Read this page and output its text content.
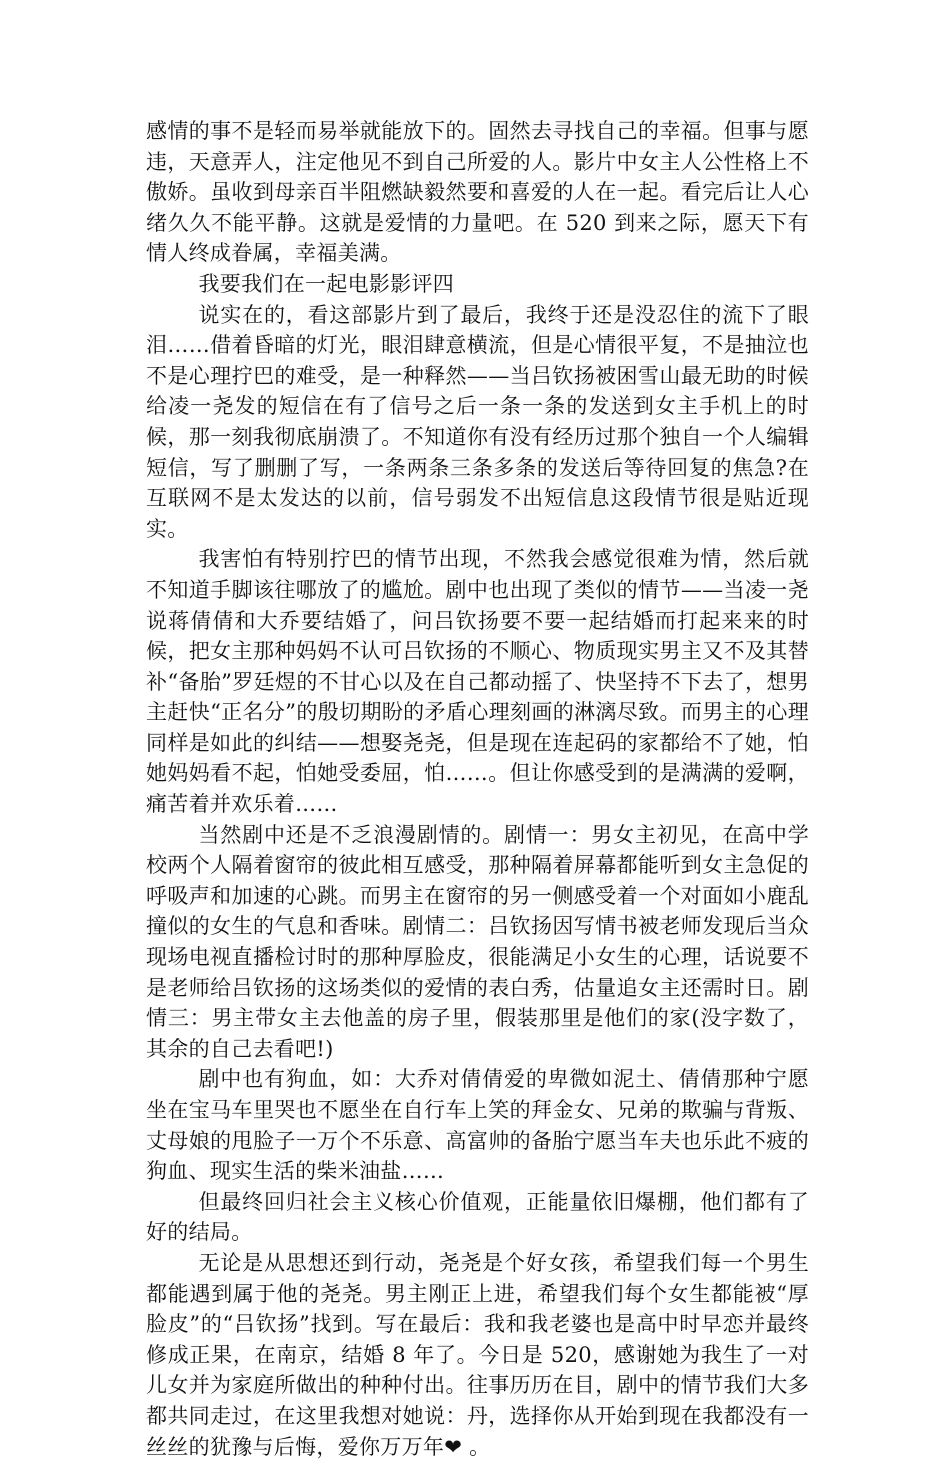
感情的事不是轻而易举就能放下的。固然去寻找自己的幸福。但事与愿违，天意弄人，注定他见不到自己所爱的人。影片中女主人公性格上不傲娇。虽收到母亲百半阻燃缺毅然要和喜爱的人在一起。看完后让人心绪久久不能平静。这就是爱情的力量吧。在 520 到来之际，愿天下有情人终成眷属，幸福美满。

我要我们在一起电影影评四

说实在的，看这部影片到了最后，我终于还是没忍住的流下了眼泪……借着昏暗的灯光，眼泪肆意横流，但是心情很平复，不是抽泣也不是心理拧巴的难受，是一种释然——当吕钦扬被困雪山最无助的时候给凌一尧发的短信在有了信号之后一条一条的发送到女主手机上的时候，那一刻我彻底崩溃了。不知道你有没有经历过那个独自一个人编辑短信，写了删删了写，一条两条三条多条的发送后等待回复的焦急?在互联网不是太发达的以前，信号弱发不出短信息这段情节很是贴近现实。

我害怕有特别拧巴的情节出现，不然我会感觉很难为情，然后就不知道手脚该往哪放了的尴尬。剧中也出现了类似的情节——当凌一尧说蒋倩倩和大乔要结婚了，问吕钦扬要不要一起结婚而打起来来的时候，把女主那种妈妈不认可吕钦扬的不顺心、物质现实男主又不及其替补“备胎”罗廷煜的不甘心以及在自己都动摇了、快坚持不下去了，想男主赶快“正名分”的殷切期盼的矛盾心理刻画的淋漓尽致。而男主的心理同样是如此的纠结——想娶尧尧，但是现在连起码的家都给不了她，怕她妈妈看不起，怕她受委屈，怕……。但让你感受到的是满满的爱啊，痛苦着并欢乐着……

当然剧中还是不乏浪漫剧情的。剧情一：男女主初见，在高中学校两个人隔着窗帘的彼此相互感受，那种隔着屏幕都能听到女主急促的呼吸声和加速的心跳。而男主在窗帘的另一侧感受着一个对面如小鹿乱撞似的女生的气息和香味。剧情二：吕钦扬因写情书被老师发现后当众现场电视直播检讨时的那种厚脸皮，很能满足小女生的心理，话说要不是老师给吕钦扬的这场类似的爱情的表白秀，估量追女主还需时日。剧情三：男主带女主去他盖的房子里，假装那里是他们的家(没字数了，其余的自己去看吧!)

剧中也有狗血，如：大乔对倩倩爱的卑微如泥土、倩倩那种宁愿坐在宝马车里哭也不愿坐在自行车上笑的拜金女、兄弟的欺骗与背叛、丈母娘的甩脸子一万个不乐意、高富帅的备胎宁愿当车夫也乐此不疲的狗血、现实生活的柴米油盐……

但最终回归社会主义核心价值观，正能量依旧爆棚，他们都有了好的结局。

无论是从思想还到行动，尧尧是个好女孩，希望我们每一个男生都能遇到属于他的尧尧。男主刚正上进，希望我们每个女生都能被“厚脸皮”的“吕钦扬”找到。写在最后：我和我老婆也是高中时早恋并最终修成正果，在南京，结婚 8 年了。今日是 520，感谢她为我生了一对儿女并为家庭所做出的种种付出。往事历历在目，剧中的情节我们大多都共同走过，在这里我想对她说：丹，选择你从开始到现在我都没有一丝丝的犹豫与后悔，爱你万万年❤ 。
